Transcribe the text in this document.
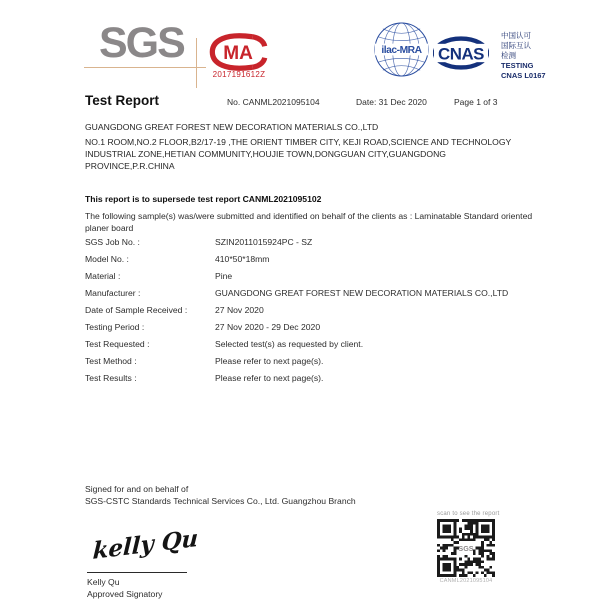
SGS MA
2017191612Z
ilac-MRA CNAS
中国认可
国际互认
检测
TESTING
CNAS L0167
Test Report	No. CANML2021095104	Date: 31 Dec 2020	Page 1 of 3
GUANGDONG GREAT FOREST NEW DECORATION MATERIALS CO.,LTD
NO.1 ROOM,NO.2 FLOOR,B2/17-19 ,THE ORIENT TIMBER CITY, KEJI ROAD,SCIENCE AND TECHNOLOGY INDUSTRIAL ZONE,HETIAN COMMUNITY,HOUJIE TOWN,DONGGUAN CITY,GUANGDONG PROVINCE,P.R.CHINA
This report is to supersede test report CANML2021095102
The following sample(s) was/were submitted and identified on behalf of the clients as : Laminatable Standard oriented planer board
SGS Job No. :	SZIN2011015924PC - SZ
Model No. :	410*50*18mm
Material :	Pine
Manufacturer :	GUANGDONG GREAT FOREST NEW DECORATION MATERIALS CO.,LTD
Date of Sample Received :	27 Nov 2020
Testing Period :	27 Nov 2020 - 29 Dec 2020
Test Requested :	Selected test(s) as requested by client.
Test Method :	Please refer to next page(s).
Test Results :	Please refer to next page(s).
Signed for and on behalf of
SGS-CSTC Standards Technical Services Co., Ltd. Guangzhou Branch
kelly Qu
Kelly Qu
Approved Signatory
scan to see the report
SGS
CANML2021095104
